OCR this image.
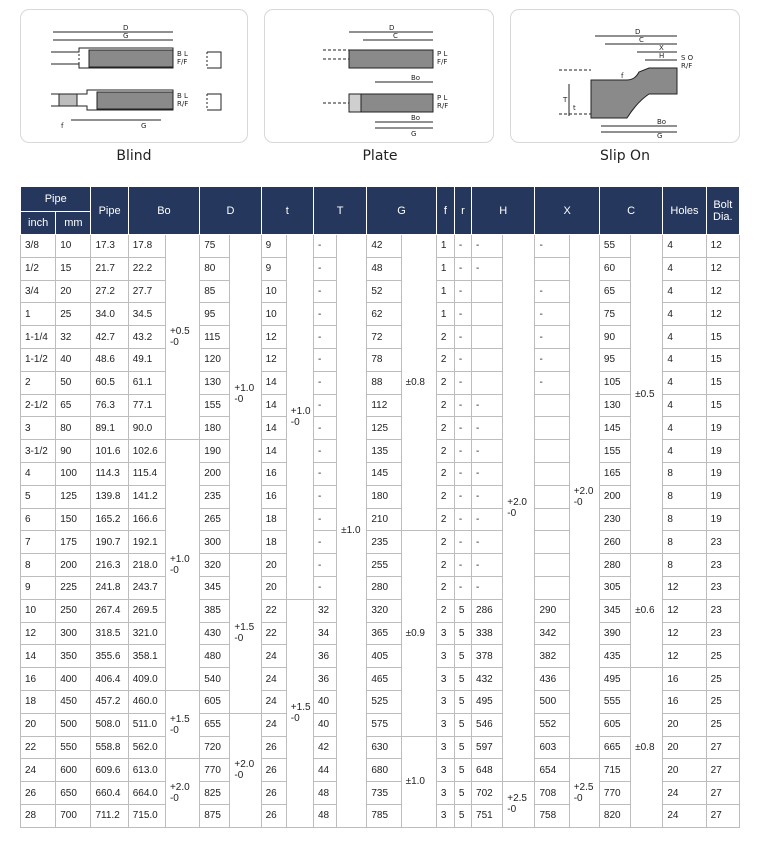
D
G
B L
F/F
B L
R/F
f	G
Blind
D
C
P L
F/F
P L
R/F
Bo
Bo
G
Plate
D
C
X
H S O
R/F
f
T
t
Bo
G
Slip On
Pipe		Pipe	Bo		D		t		T		G		f	r	H		X		C		Holes	Bolt Dia.
inch	mm																					
3/8	10	17.3	17.8	+0.5 -0	75	+1.0 -0	9	+1.0 -0	-	±1.0	42	±0.8	1	-	-	+2.0 -0	-	+2.0 -0	55	±0.5	4	12
1/2	15	21.7	22.2		80		9		-		48		1	-	-				60		4	12
3/4	20	27.2	27.7		85		10		-		52		1	-			-		65		4	12
1	25	34.0	34.5		95		10		-		62		1	-			-		75		4	12
1-1/4	32	42.7	43.2		115		12		-		72		2	-			-		90		4	15
1-1/2	40	48.6	49.1		120		12		-		78		2	-			-		95		4	15
2	50	60.5	61.1		130		14		-		88		2	-			-		105		4	15
2-1/2	65	76.3	77.1		155		14		-		112		2	-	-				130		4	15
3	80	89.1	90.0		180		14		-		125		2	-	-				145		4	19
3-1/2	90	101.6	102.6	+1.0 -0	190		14		-		135		2	-	-				155		4	19
4	100	114.3	115.4		200		16		-		145		2	-	-				165		8	19
5	125	139.8	141.2		235		16		-		180		2	-	-				200		8	19
6	150	165.2	166.6		265		18		-		210		2	-	-				230		8	19
7	175	190.7	192.1		300		18		-		235	±0.9	2	-	-				260		8	23
8	200	216.3	218.0		320	+1.5 -0	20		-		255		2	-	-				280	±0.6	8	23
9	225	241.8	243.7		345		20		-		280		2	-	-				305		12	23
10	250	267.4	269.5		385		22	+1.5 -0	32		320		2	5	286		290		345		12	23
12	300	318.5	321.0		430		22		34		365		3	5	338		342		390		12	23
14	350	355.6	358.1		480		24		36		405		3	5	378		382		435		12	25
16	400	406.4	409.0		540		24		36		465		3	5	432		436		495	±0.8	16	25
18	450	457.2	460.0	+1.5 -0	605		24		40		525		3	5	495		500		555		16	25
20	500	508.0	511.0		655	+2.0 -0	24		40		575		3	5	546		552		605		20	25
22	550	558.8	562.0		720		26		42		630	±1.0	3	5	597		603		665		20	27
24	600	609.6	613.0	+2.0 -0	770		26		44		680		3	5	648		654	+2.5 -0	715		20	27
26	650	660.4	664.0		825		26		48		735		3	5	702	+2.5 -0	708		770		24	27
28	700	711.2	715.0		875		26		48		785		3	5	751		758		820		24	27
